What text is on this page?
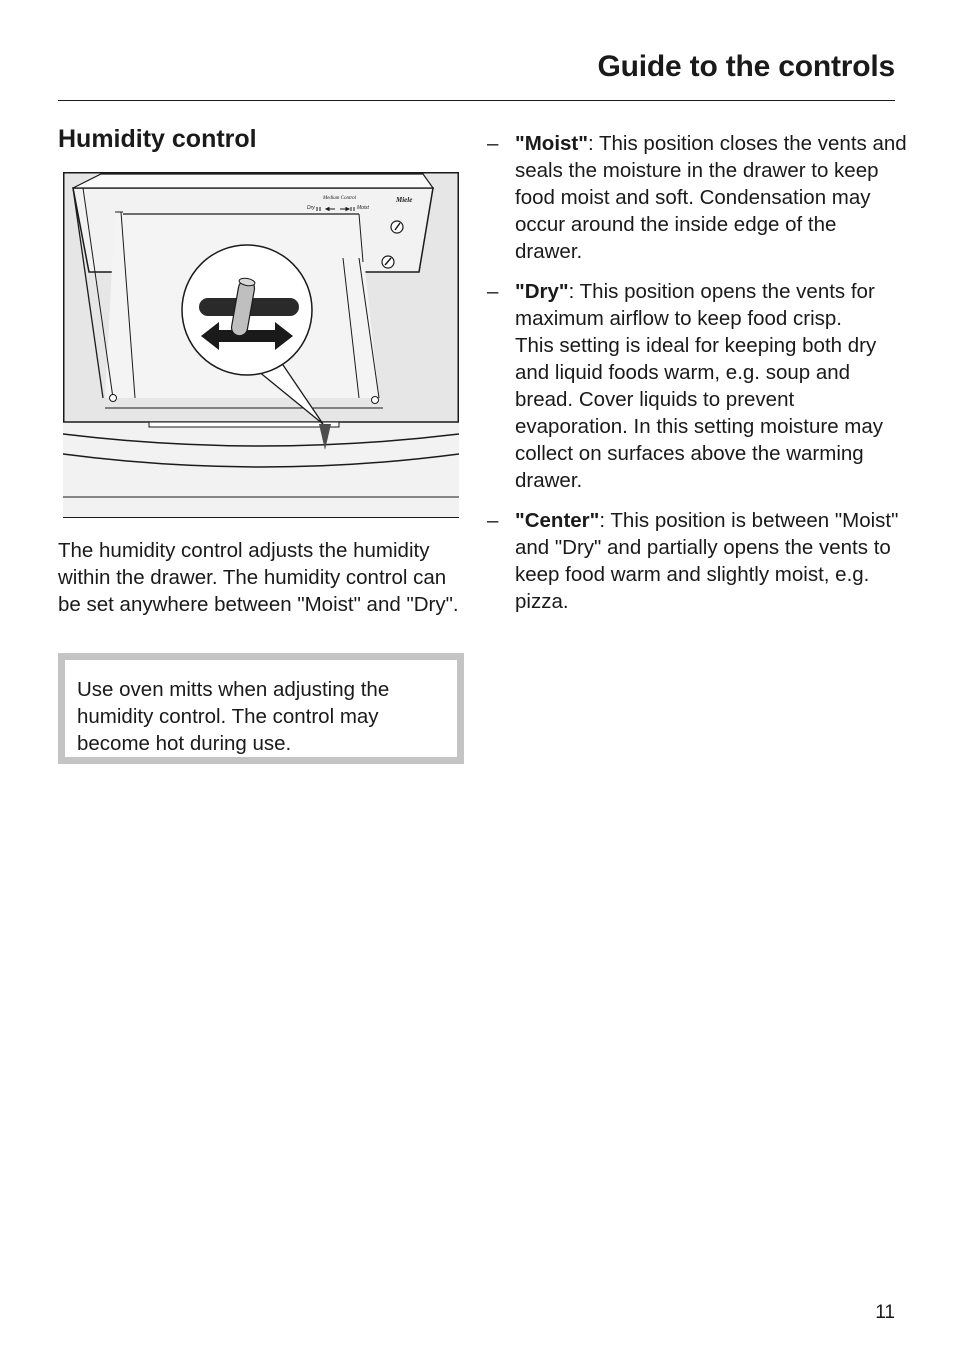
Guide to the controls
Humidity control
Medium Control
Dry	Moist
Miele

The humidity control adjusts the humidity within the drawer. The humidity control can be set anywhere between "Moist" and "Dry".

Use oven mitts when adjusting the humidity control. The control may become hot during use.
– "Moist": This position closes the vents and seals the moisture in the drawer to keep food moist and soft. Condensation may occur around the inside edge of the drawer.
– "Dry": This position opens the vents for maximum airflow to keep food crisp.
This setting is ideal for keeping both dry and liquid foods warm, e.g. soup and bread. Cover liquids to prevent evaporation. In this setting moisture may collect on surfaces above the warming drawer.
– "Center": This position is between "Moist" and "Dry" and partially opens the vents to keep food warm and slightly moist, e.g. pizza.
11
